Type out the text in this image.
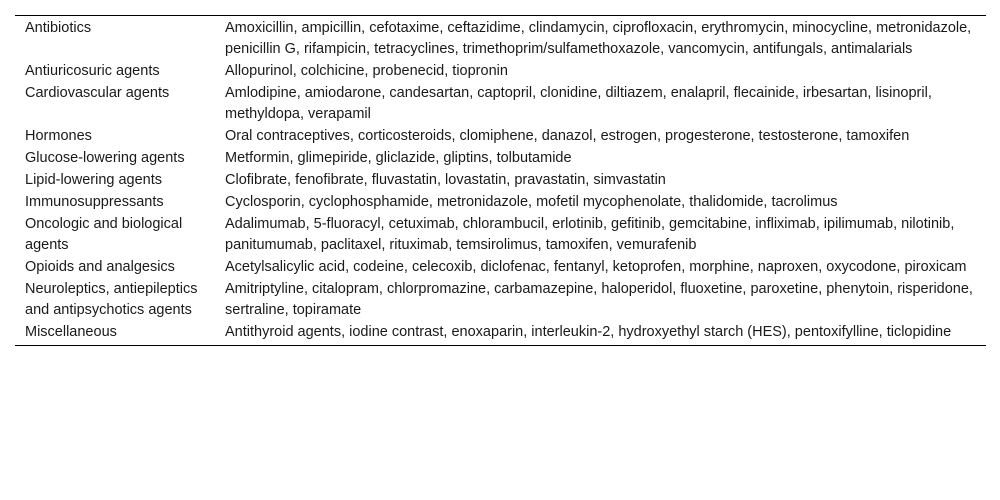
Antibiotics	Amoxicillin, ampicillin, cefotaxime, ceftazidime, clindamycin, ciprofloxacin, erythromycin, minocycline, metronidazole, penicillin G, rifampicin, tetracyclines, trimethoprim/sulfamethoxazole, vancomycin, antifungals, antimalarials
Antiuricosuric agents	Allopurinol, colchicine, probenecid, tiopronin
Cardiovascular agents	Amlodipine, amiodarone, candesartan, captopril, clonidine, diltiazem, enalapril, flecainide, irbesartan, lisinopril, methyldopa, verapamil
Hormones	Oral contraceptives, corticosteroids, clomiphene, danazol, estrogen, progesterone, testosterone, tamoxifen
Glucose-lowering agents	Metformin, glimepiride, gliclazide, gliptins, tolbutamide
Lipid-lowering agents	Clofibrate, fenofibrate, fluvastatin, lovastatin, pravastatin, simvastatin
Immunosuppressants	Cyclosporin, cyclophosphamide, metronidazole, mofetil mycophenolate, thalidomide, tacrolimus
Oncologic and biological agents	Adalimumab, 5-fluoracyl, cetuximab, chlorambucil, erlotinib, gefitinib, gemcitabine, infliximab, ipilimumab, nilotinib, panitumumab, paclitaxel, rituximab, temsirolimus, tamoxifen, vemurafenib
Opioids and analgesics	Acetylsalicylic acid, codeine, celecoxib, diclofenac, fentanyl, ketoprofen, morphine, naproxen, oxycodone, piroxicam
Neuroleptics, antiepileptics and antipsychotics agents	Amitriptyline, citalopram, chlorpromazine, carbamazepine, haloperidol, fluoxetine, paroxetine, phenytoin, risperidone, sertraline, topiramate
Miscellaneous	Antithyroid agents, iodine contrast, enoxaparin, interleukin-2, hydroxyethyl starch (HES), pentoxifylline, ticlopidine
